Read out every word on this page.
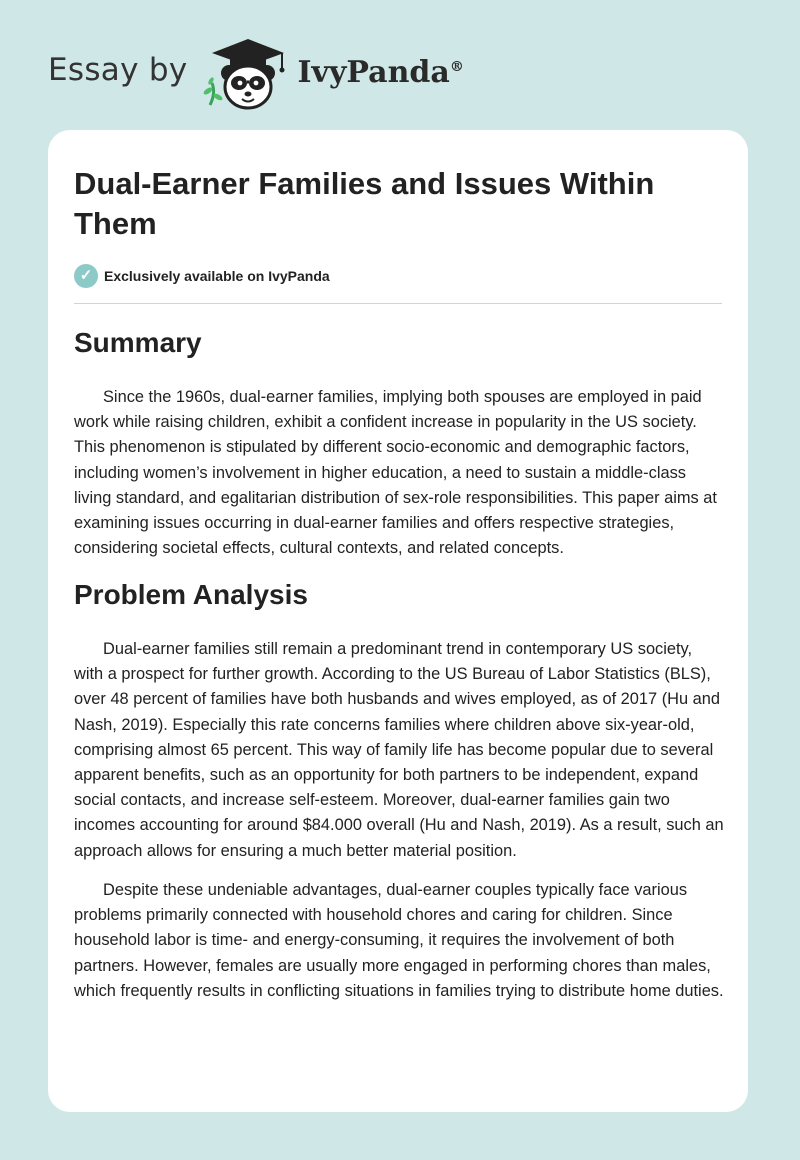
Essay by	IvyPanda®
Dual-Earner Families and Issues Within Them
✓ Exclusively available on IvyPanda
Summary

Since the 1960s, dual-earner families, implying both spouses are employed in paid work while raising children, exhibit a confident increase in popularity in the US society. This phenomenon is stipulated by different socio-economic and demographic factors, including women’s involvement in higher education, a need to sustain a middle-class living standard, and egalitarian distribution of sex-role responsibilities. This paper aims at examining issues occurring in dual-earner families and offers respective strategies, considering societal effects, cultural contexts, and related concepts.

Problem Analysis

Dual-earner families still remain a predominant trend in contemporary US society, with a prospect for further growth. According to the US Bureau of Labor Statistics (BLS), over 48 percent of families have both husbands and wives employed, as of 2017 (Hu and Nash, 2019). Especially this rate concerns families where children above six-year-old, comprising almost 65 percent. This way of family life has become popular due to several apparent benefits, such as an opportunity for both partners to be independent, expand social contacts, and increase self-esteem. Moreover, dual-earner families gain two incomes accounting for around $84.000 overall (Hu and Nash, 2019). As a result, such an approach allows for ensuring a much better material position.

Despite these undeniable advantages, dual-earner couples typically face various problems primarily connected with household chores and caring for children. Since household labor is time- and energy-consuming, it requires the involvement of both partners. However, females are usually more engaged in performing chores than males, which frequently results in conflicting situations in families trying to distribute home duties.
